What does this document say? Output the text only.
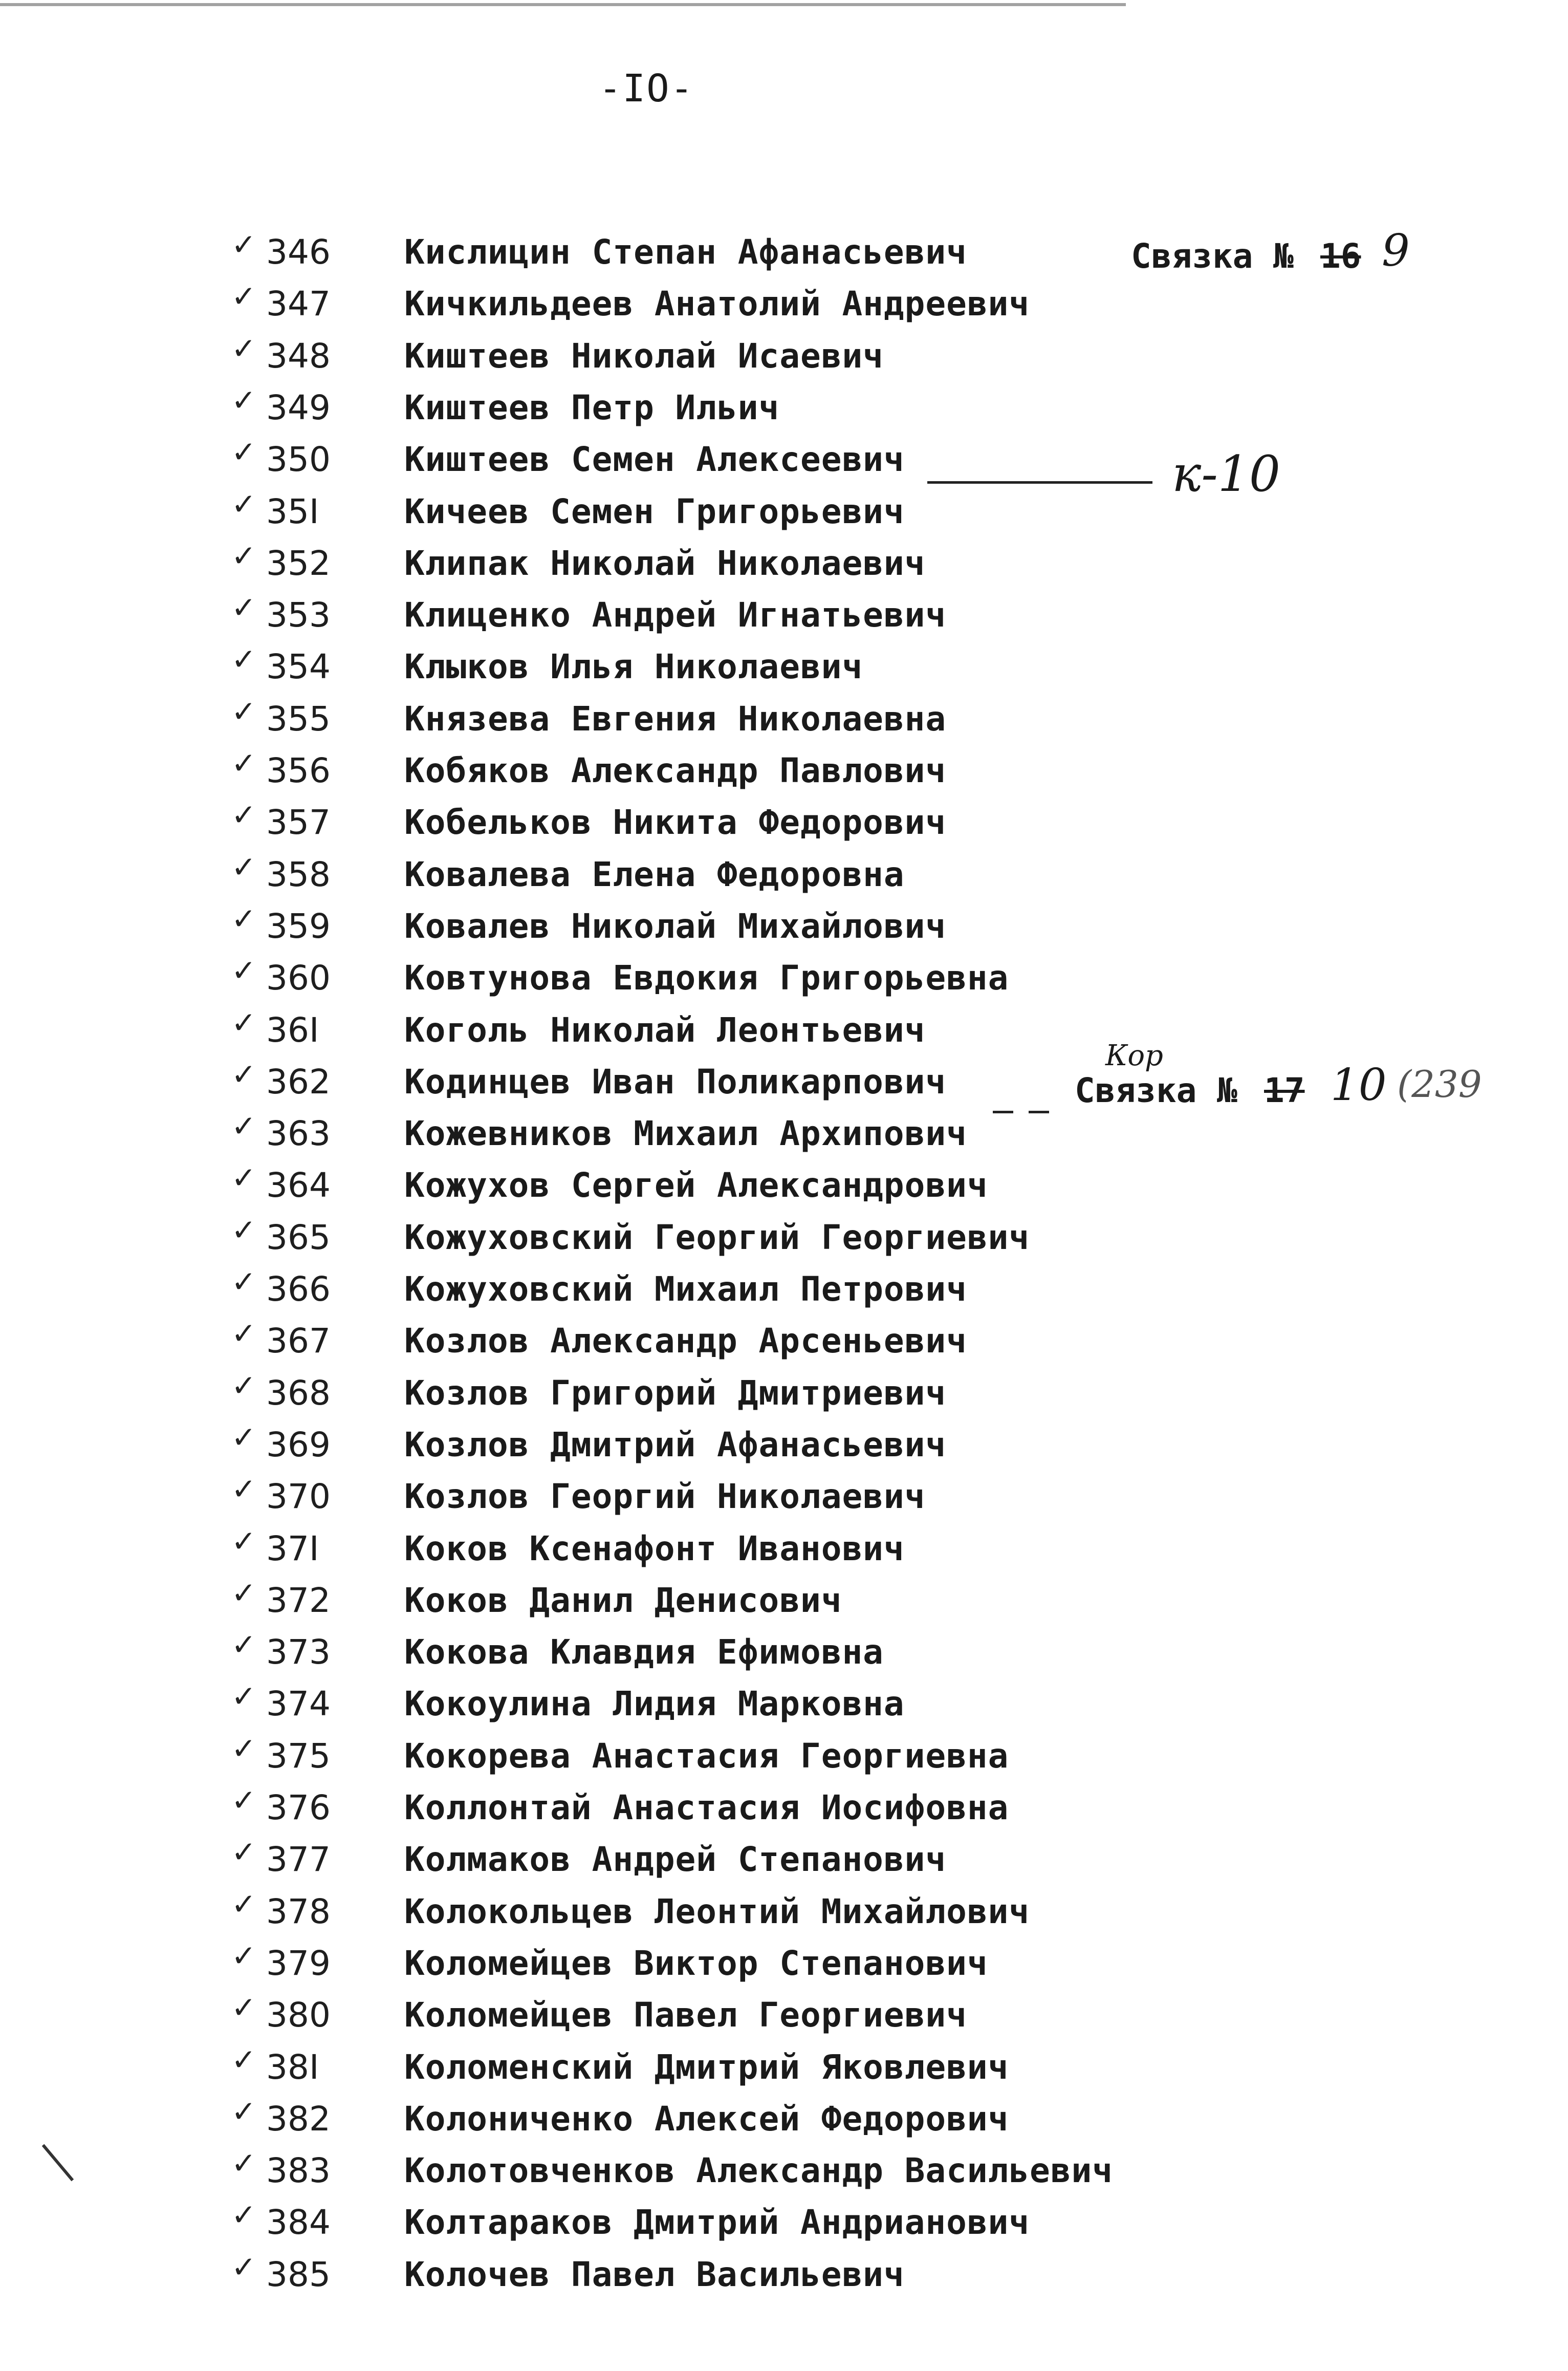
-IO-
✓ 346 Кислицин Степан Афанасьевич
✓ 347 Кичкильдеев Анатолий Андреевич
✓ 348 Киштеев Николай Исаевич
✓ 349 Киштеев Петр Ильич
✓ 350 Киштеев Семен Алексеевич
✓ 35I	Кичеев Семен Григорьевич
✓ 352 Клипак Николай Николаевич
✓ 353 Клиценко Андрей Игнатьевич
✓ 354 Клыков Илья Николаевич
✓ 355 Князева Евгения Николаевна
✓ 356 Кобяков Александр Павлович
✓ 357 Кобельков Никита Федорович
✓ 358 Ковалева Елена Федоровна
✓ 359 Ковалев Николай Михайлович
✓ 360 Ковтунова Евдокия Григорьевна
✓ 36I	Коголь Николай Леонтьевич
✓ 362 Кодинцев Иван Поликарпович
✓ 363 Кожевников Михаил Архипович
✓ 364 Кожухов Сергей Александрович
✓ 365 Кожуховский Георгий Георгиевич
✓ 366 Кожуховский Михаил Петрович
✓ 367 Козлов Александр Арсеньевич
✓ 368 Козлов Григорий Дмитриевич
✓ 369 Козлов Дмитрий Афанасьевич
✓ 370 Козлов Георгий Николаевич
✓ 37I	Коков Ксенафонт Иванович
✓ 372 Коков Данил Денисович
✓ 373 Кокова Клавдия Ефимовна
✓ 374 Кокоулина Лидия Марковна
✓ 375 Кокорева Анастасия Георгиевна
✓ 376 Коллонтай Анастасия Иосифовна
✓ 377 Колмаков Андрей Степанович
✓ 378 Колокольцев Леонтий Михайлович
✓ 379 Коломейцев Виктор Степанович
✓ 380 Коломейцев Павел Георгиевич
✓ 38I	Коломенский Дмитрий Яковлевич
✓ 382 Колониченко Алексей Федорович
✓ 383 Колотовченков Александр Васильевич
✓ 384 Колтараков Дмитрий Андрианович
✓ 385 Колочев Павел Васильевич
Связка № 16 9
к-10
Кор
Связка № 17 10 (239
